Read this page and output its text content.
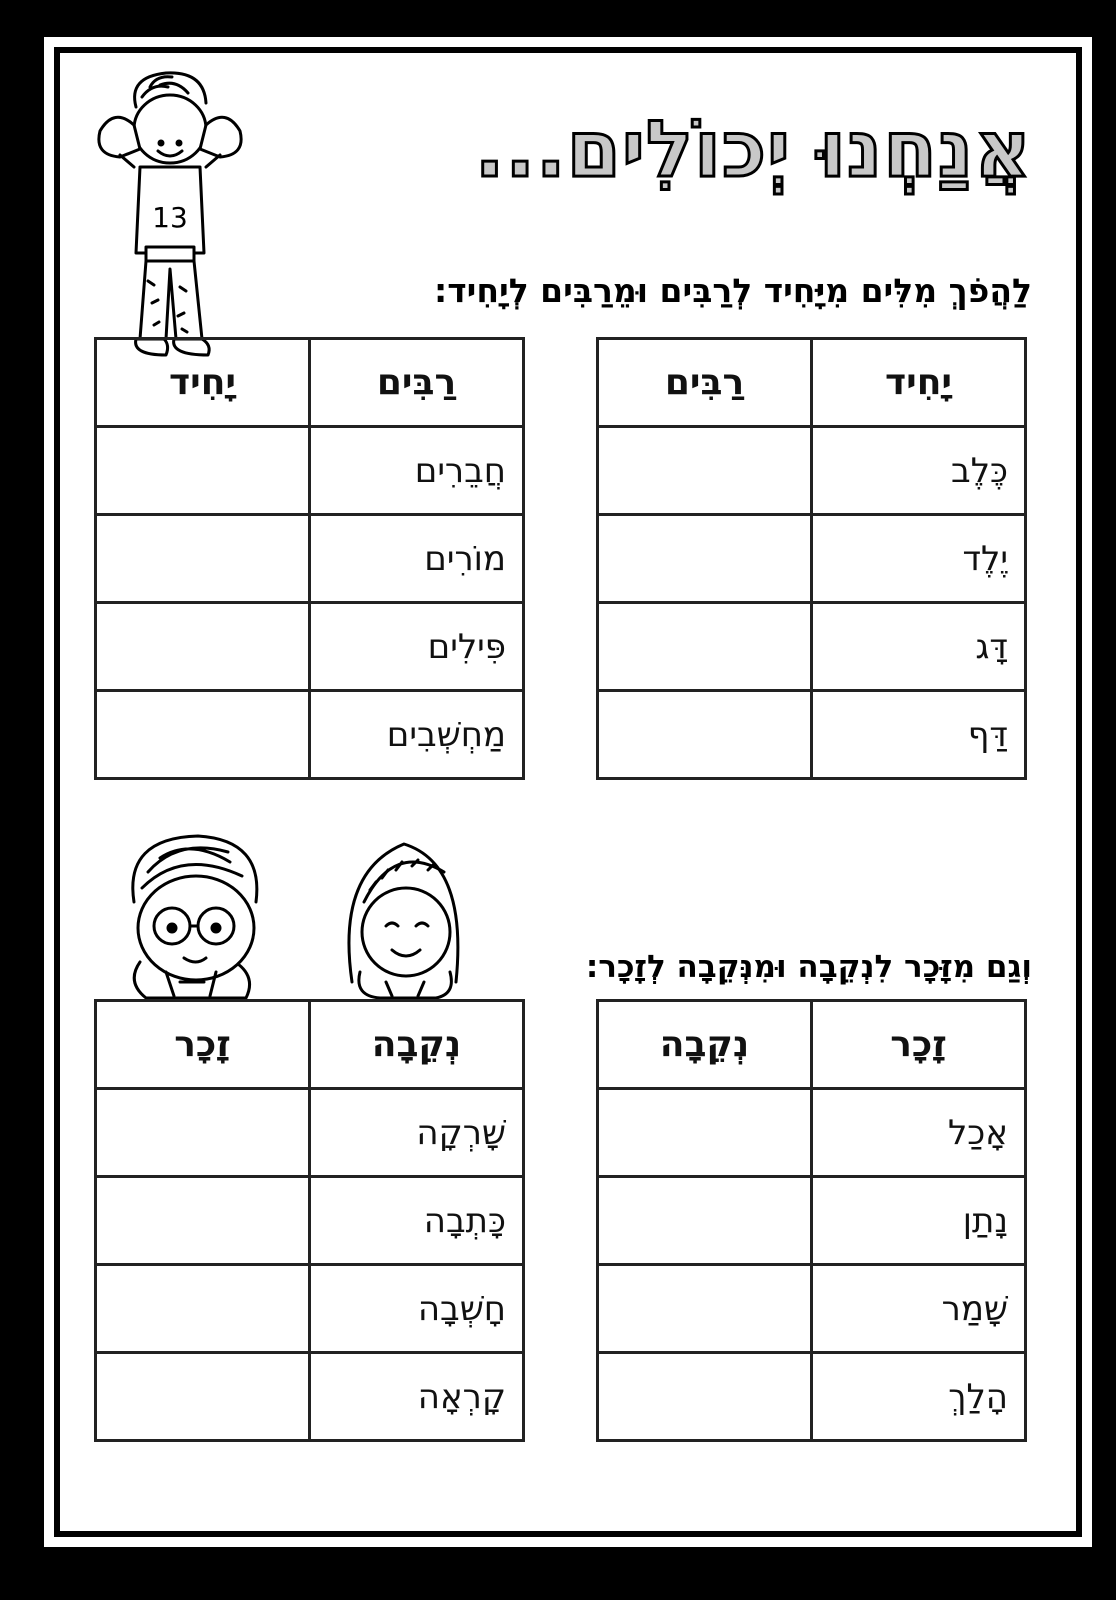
13
אֲנַחְנוּ יְכוֹלִים...
לַהֲפֹךְ מִלִּים מִיָּחִיד לְרַבִּים וּמֵרַבִּים לְיָחִיד:
יָחִיד	רַבִּים
כֶּלֶב	
יֶלֶד	
דָּג	
דַּף	
רַבִּים	יָחִיד
חֲבֵרִים	
מוֹרִים	
פִּילִים	
מַחְשְׁבִים	
וְגַם מִזָּכָר לִנְקֵבָה וּמִנְּקֵבָה לְזָכָר:
זָכָר	נְקֵבָה
אָכַל	
נָתַן	
שָׁמַר	
הָלַךְ	
נְקֵבָה	זָכָר
שָׁרְקָה	
כָּתְבָה	
חָשְׁבָה	
קָרְאָה	
